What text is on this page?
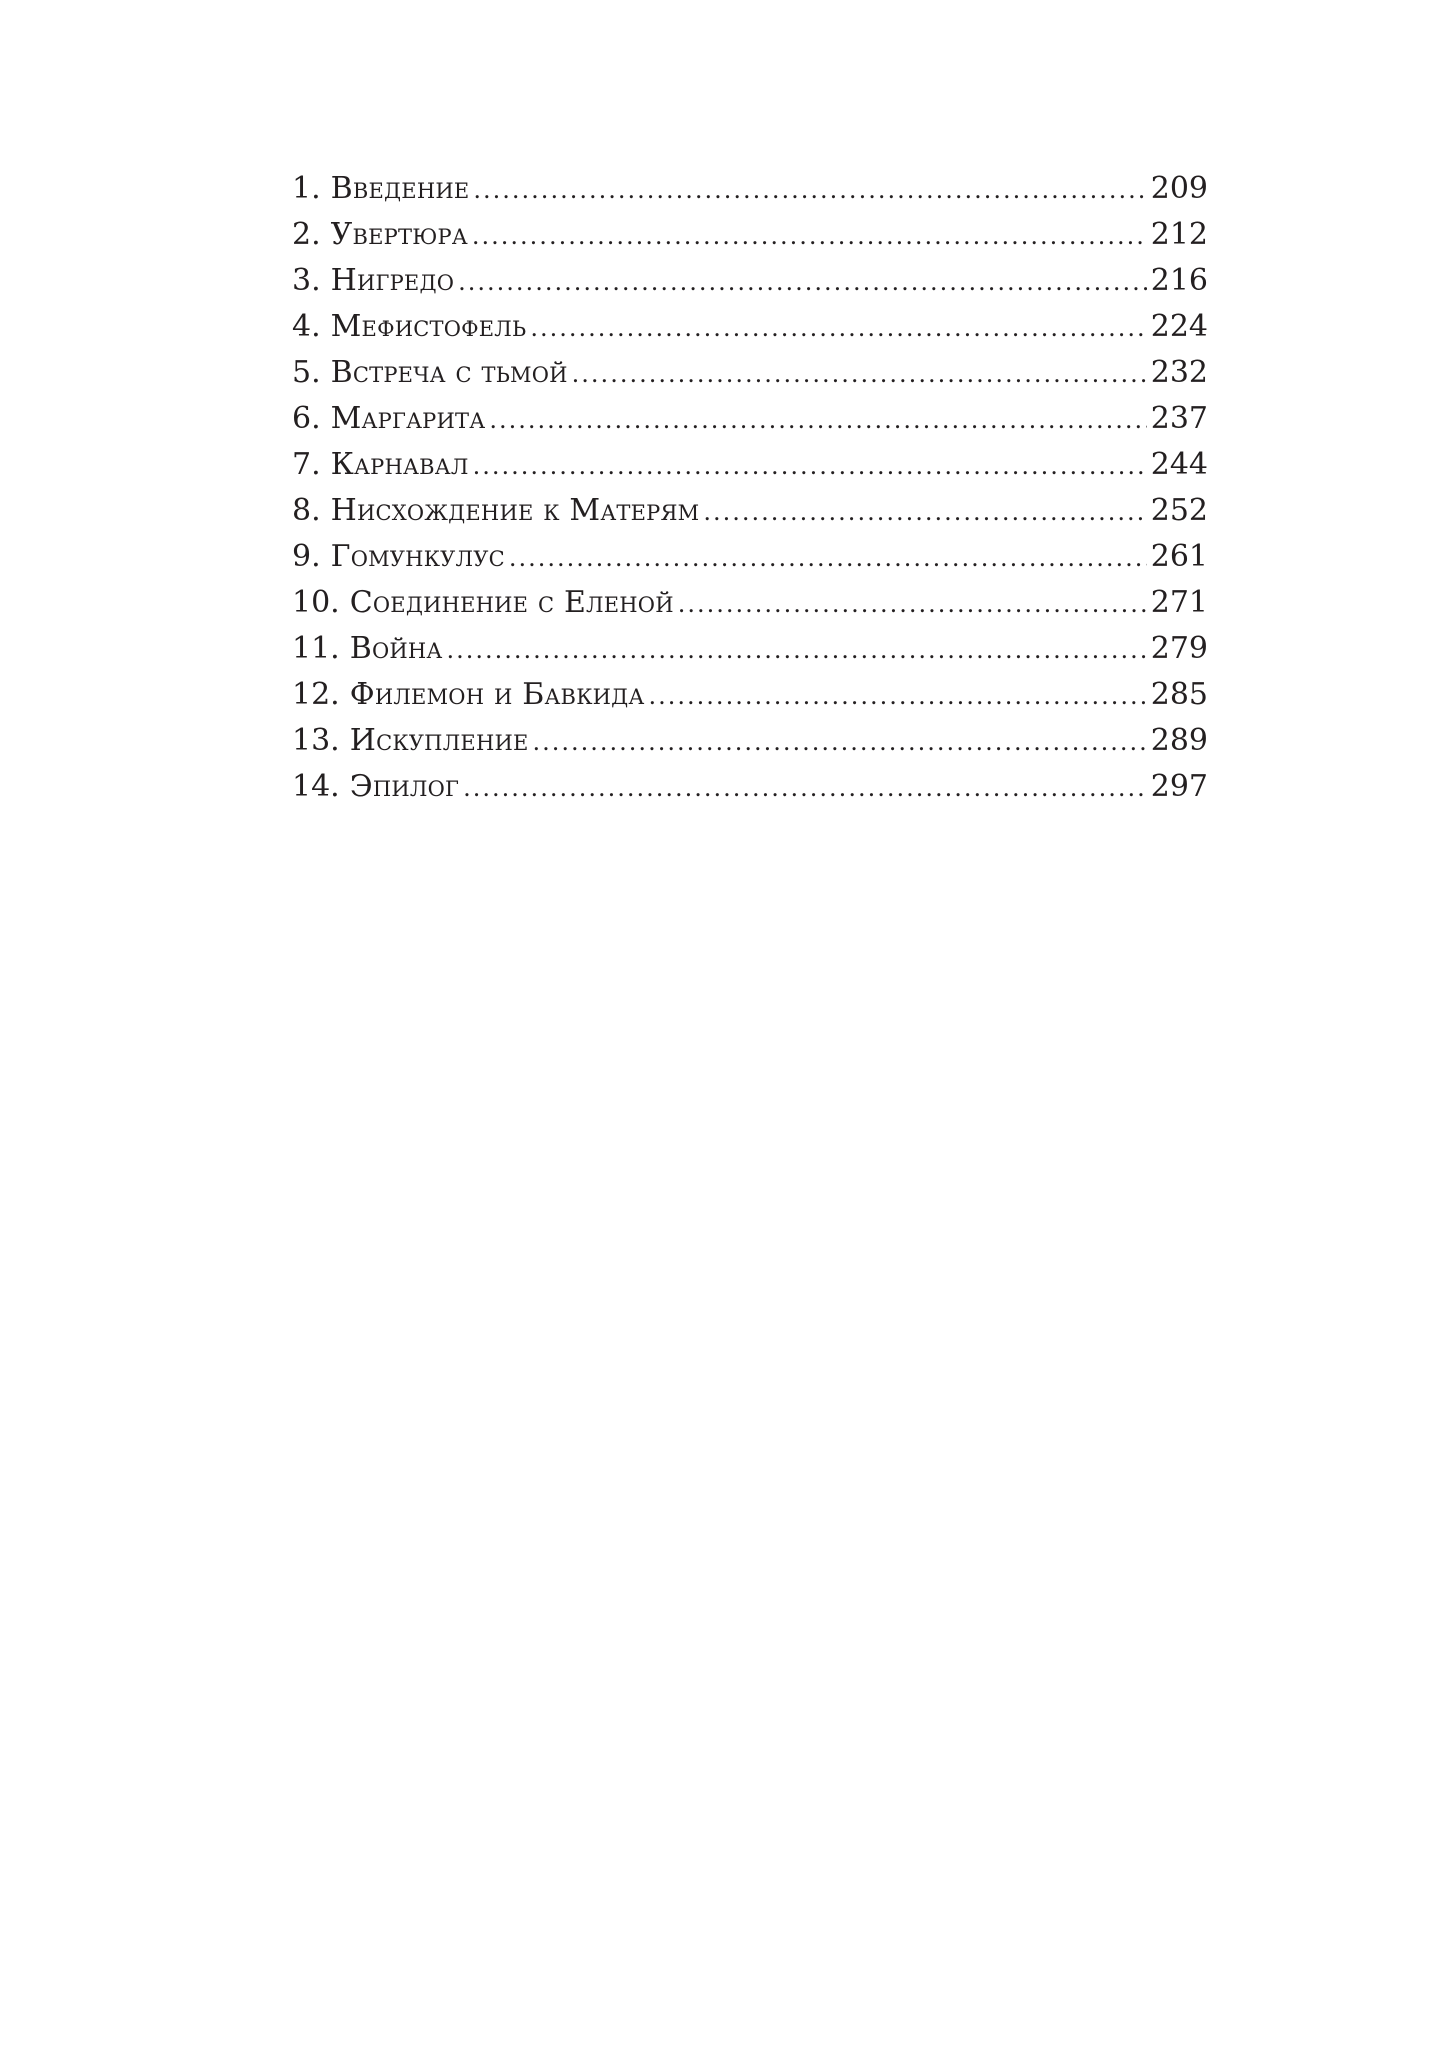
1. Введение .....	209
2. Увертюра .....	212
3. Нигредо .....	216
4. Мефистофель .....	224
5. Встреча с тьмой .....	232
6. Маргарита .....	237
7. Карнавал .....	244
8. Нисхождение к Матерям .....	252
9. Гомункулус .....	261
10. Соединение с Еленой .....	271
11. Война .....	279
12. Филемон и Бавкида .....	285
13. Искупление .....	289
14. Эпилог .....	297
